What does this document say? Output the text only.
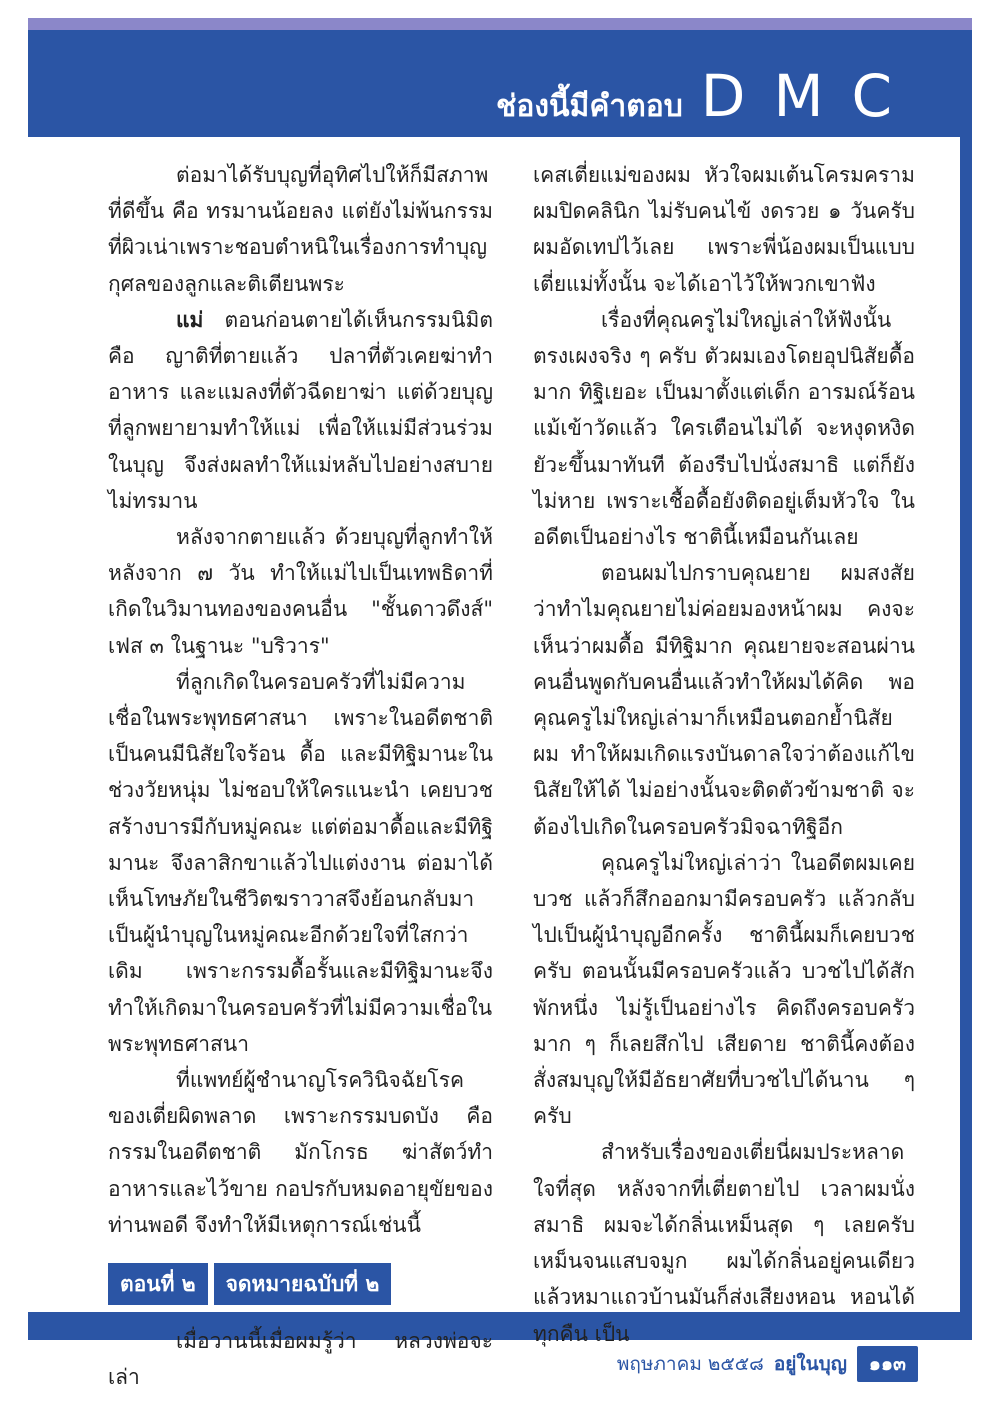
ช่องนี้มีคำตอบ DMC

ต่อมาได้รับบุญที่อุทิศไปให้ก็มีสภาพที่ดีขึ้น คือ ทรมานน้อยลง แต่ยังไม่พ้นกรรม ที่ผิวเน่าเพราะชอบตำหนิในเรื่องการทำบุญกุศลของลูกและติเตียนพระ

แม่ ตอนก่อนตายได้เห็นกรรมนิมิต คือ ญาติที่ตายแล้ว ปลาที่ตัวเคยฆ่าทำอาหาร และแมลงที่ตัวฉีดยาฆ่า แต่ด้วยบุญที่ลูกพยายามทำให้แม่ เพื่อให้แม่มีส่วนร่วมในบุญ จึงส่งผลทำให้แม่หลับไปอย่างสบายไม่ทรมาน

หลังจากตายแล้ว ด้วยบุญที่ลูกทำให้ หลังจาก ๗ วัน ทำให้แม่ไปเป็นเทพธิดาที่เกิดในวิมานทองของคนอื่น "ชั้นดาวดึงส์" เฟส ๓ ในฐานะ "บริวาร"

ที่ลูกเกิดในครอบครัวที่ไม่มีความเชื่อในพระพุทธศาสนา เพราะในอดีตชาติเป็นคนมีนิสัยใจร้อน ดื้อ และมีทิฐิมานะในช่วงวัยหนุ่ม ไม่ชอบให้ใครแนะนำ เคยบวชสร้างบารมีกับหมู่คณะ แต่ต่อมาดื้อและมีทิฐิมานะ จึงลาสิกขาแล้วไปแต่งงาน ต่อมาได้เห็นโทษภัยในชีวิตฆราวาสจึงย้อนกลับมาเป็นผู้นำบุญในหมู่คณะอีกด้วยใจที่ใสกว่าเดิม เพราะกรรมดื้อรั้นและมีทิฐิมานะจึงทำให้เกิดมาในครอบครัวที่ไม่มีความเชื่อในพระพุทธศาสนา

ที่แพทย์ผู้ชำนาญโรควินิจฉัยโรคของเตี่ยผิดพลาด เพราะกรรมบดบัง คือ กรรมในอดีตชาติ มักโกรธ ฆ่าสัตว์ทำอาหารและไว้ขาย กอปรกับหมดอายุขัยของท่านพอดี จึงทำให้มีเหตุการณ์เช่นนี้

ตอนที่ ๒	จดหมายฉบับที่ ๒

เมื่อวานนี้เมื่อผมรู้ว่า หลวงพ่อจะเล่า

เคสเตี่ยแม่ของผม หัวใจผมเต้นโครมคราม ผมปิดคลินิก ไม่รับคนไข้ งดรวย ๑ วันครับ ผมอัดเทปไว้เลย เพราะพี่น้องผมเป็นแบบเตี่ยแม่ทั้งนั้น จะได้เอาไว้ให้พวกเขาฟัง

เรื่องที่คุณครูไม่ใหญ่เล่าให้ฟังนั้นตรงเผงจริง ๆ ครับ ตัวผมเองโดยอุปนิสัยดื้อมาก ทิฐิเยอะ เป็นมาตั้งแต่เด็ก อารมณ์ร้อน แม้เข้าวัดแล้ว ใครเตือนไม่ได้ จะหงุดหงิด ยัวะขึ้นมาทันที ต้องรีบไปนั่งสมาธิ แต่ก็ยังไม่หาย เพราะเชื้อดื้อยังติดอยู่เต็มหัวใจ ในอดีตเป็นอย่างไร ชาตินี้เหมือนกันเลย

ตอนผมไปกราบคุณยาย ผมสงสัยว่าทำไมคุณยายไม่ค่อยมองหน้าผม คงจะเห็นว่าผมดื้อ มีทิฐิมาก คุณยายจะสอนผ่านคนอื่นพูดกับคนอื่นแล้วทำให้ผมได้คิด พอคุณครูไม่ใหญ่เล่ามาก็เหมือนตอกย้ำนิสัยผม ทำให้ผมเกิดแรงบันดาลใจว่าต้องแก้ไขนิสัยให้ได้ ไม่อย่างนั้นจะติดตัวข้ามชาติ จะต้องไปเกิดในครอบครัวมิจฉาทิฐิอีก

คุณครูไม่ใหญ่เล่าว่า ในอดีตผมเคยบวช แล้วก็สึกออกมามีครอบครัว แล้วกลับไปเป็นผู้นำบุญอีกครั้ง ชาตินี้ผมก็เคยบวชครับ ตอนนั้นมีครอบครัวแล้ว บวชไปได้สักพักหนึ่ง ไม่รู้เป็นอย่างไร คิดถึงครอบครัวมาก ๆ ก็เลยสึกไป เสียดาย ชาตินี้คงต้องสั่งสมบุญให้มีอัธยาศัยที่บวชไปได้นาน ๆ ครับ

สำหรับเรื่องของเตี่ยนี่ผมประหลาดใจที่สุด หลังจากที่เตี่ยตายไป เวลาผมนั่งสมาธิ ผมจะได้กลิ่นเหม็นสุด ๆ เลยครับ เหม็นจนแสบจมูก ผมได้กลิ่นอยู่คนเดียว แล้วหมาแถวบ้านมันก็ส่งเสียงหอน หอนได้ทุกคืน เป็น

พฤษภาคม ๒๕๕๘ อยู่ในบุญ	๑๑๓
